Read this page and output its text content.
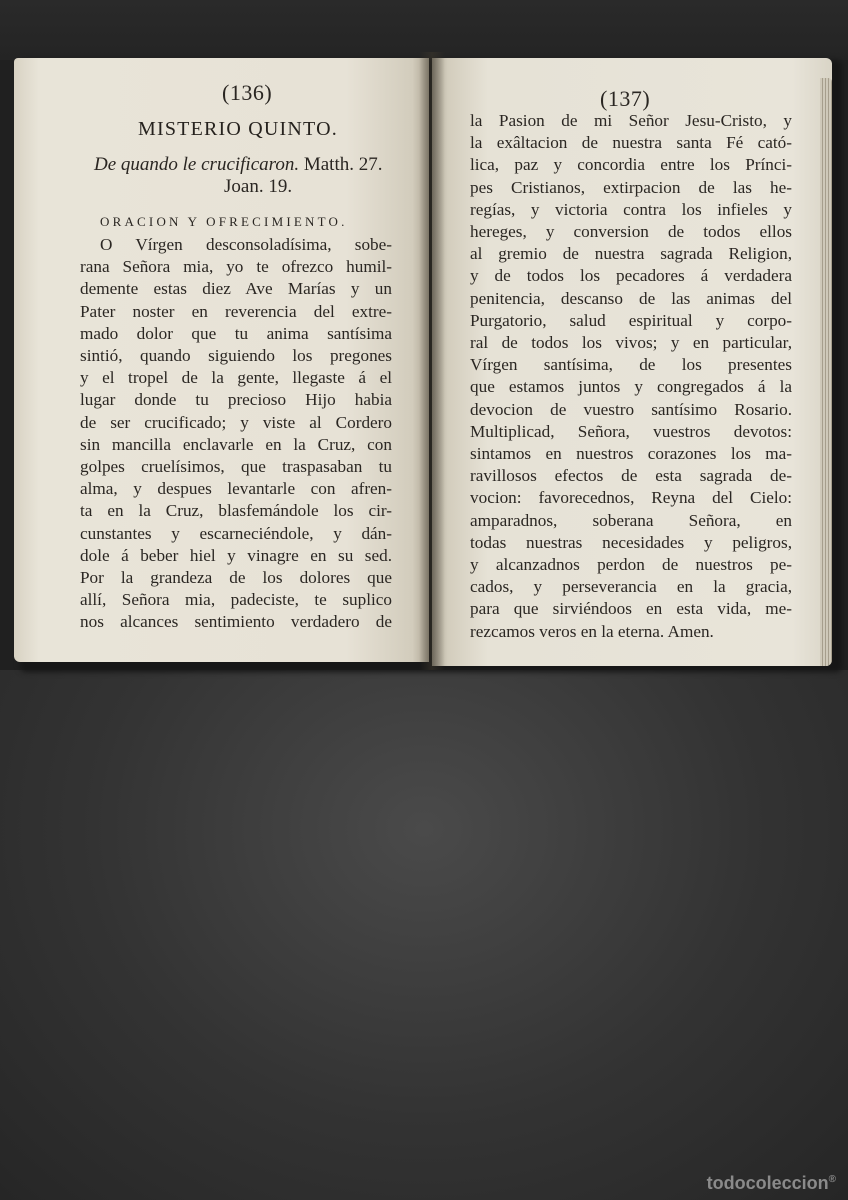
(136)
MISTERIO QUINTO.
De quando le crucificaron. Matth. 27.
Joan. 19.
ORACION Y OFRECIMIENTO.
O Vírgen desconsoladísima, sobe-
rana Señora mia, yo te ofrezco humil-
demente estas diez Ave Marías y un
Pater noster en reverencia del extre-
mado dolor que tu anima santísima
sintió, quando siguiendo los pregones
y el tropel de la gente, llegaste á el
lugar donde tu precioso Hijo habia
de ser crucificado; y viste al Cordero
sin mancilla enclavarle en la Cruz, con
golpes cruelísimos, que traspasaban tu
alma, y despues levantarle con afren-
ta en la Cruz, blasfemándole los cir-
cunstantes y escarneciéndole, y dán-
dole á beber hiel y vinagre en su sed.
Por la grandeza de los dolores que
allí, Señora mia, padeciste, te suplico
nos alcances sentimiento verdadero de
(137)
la Pasion de mi Señor Jesu-Cristo, y
la exâltacion de nuestra santa Fé cató-
lica, paz y concordia entre los Prínci-
pes Cristianos, extirpacion de las he-
regías, y victoria contra los infieles y
hereges, y conversion de todos ellos
al gremio de nuestra sagrada Religion,
y de todos los pecadores á verdadera
penitencia, descanso de las animas del
Purgatorio, salud espiritual y corpo-
ral de todos los vivos; y en particular,
Vírgen santísima, de los presentes
que estamos juntos y congregados á la
devocion de vuestro santísimo Rosario.
Multiplicad, Señora, vuestros devotos:
sintamos en nuestros corazones los ma-
ravillosos efectos de esta sagrada de-
vocion: favorecednos, Reyna del Cielo:
amparadnos, soberana Señora, en
todas nuestras necesidades y peligros,
y alcanzadnos perdon de nuestros pe-
cados, y perseverancia en la gracia,
para que sirviéndoos en esta vida, me-
rezcamos veros en la eterna. Amen.
todocoleccion®
